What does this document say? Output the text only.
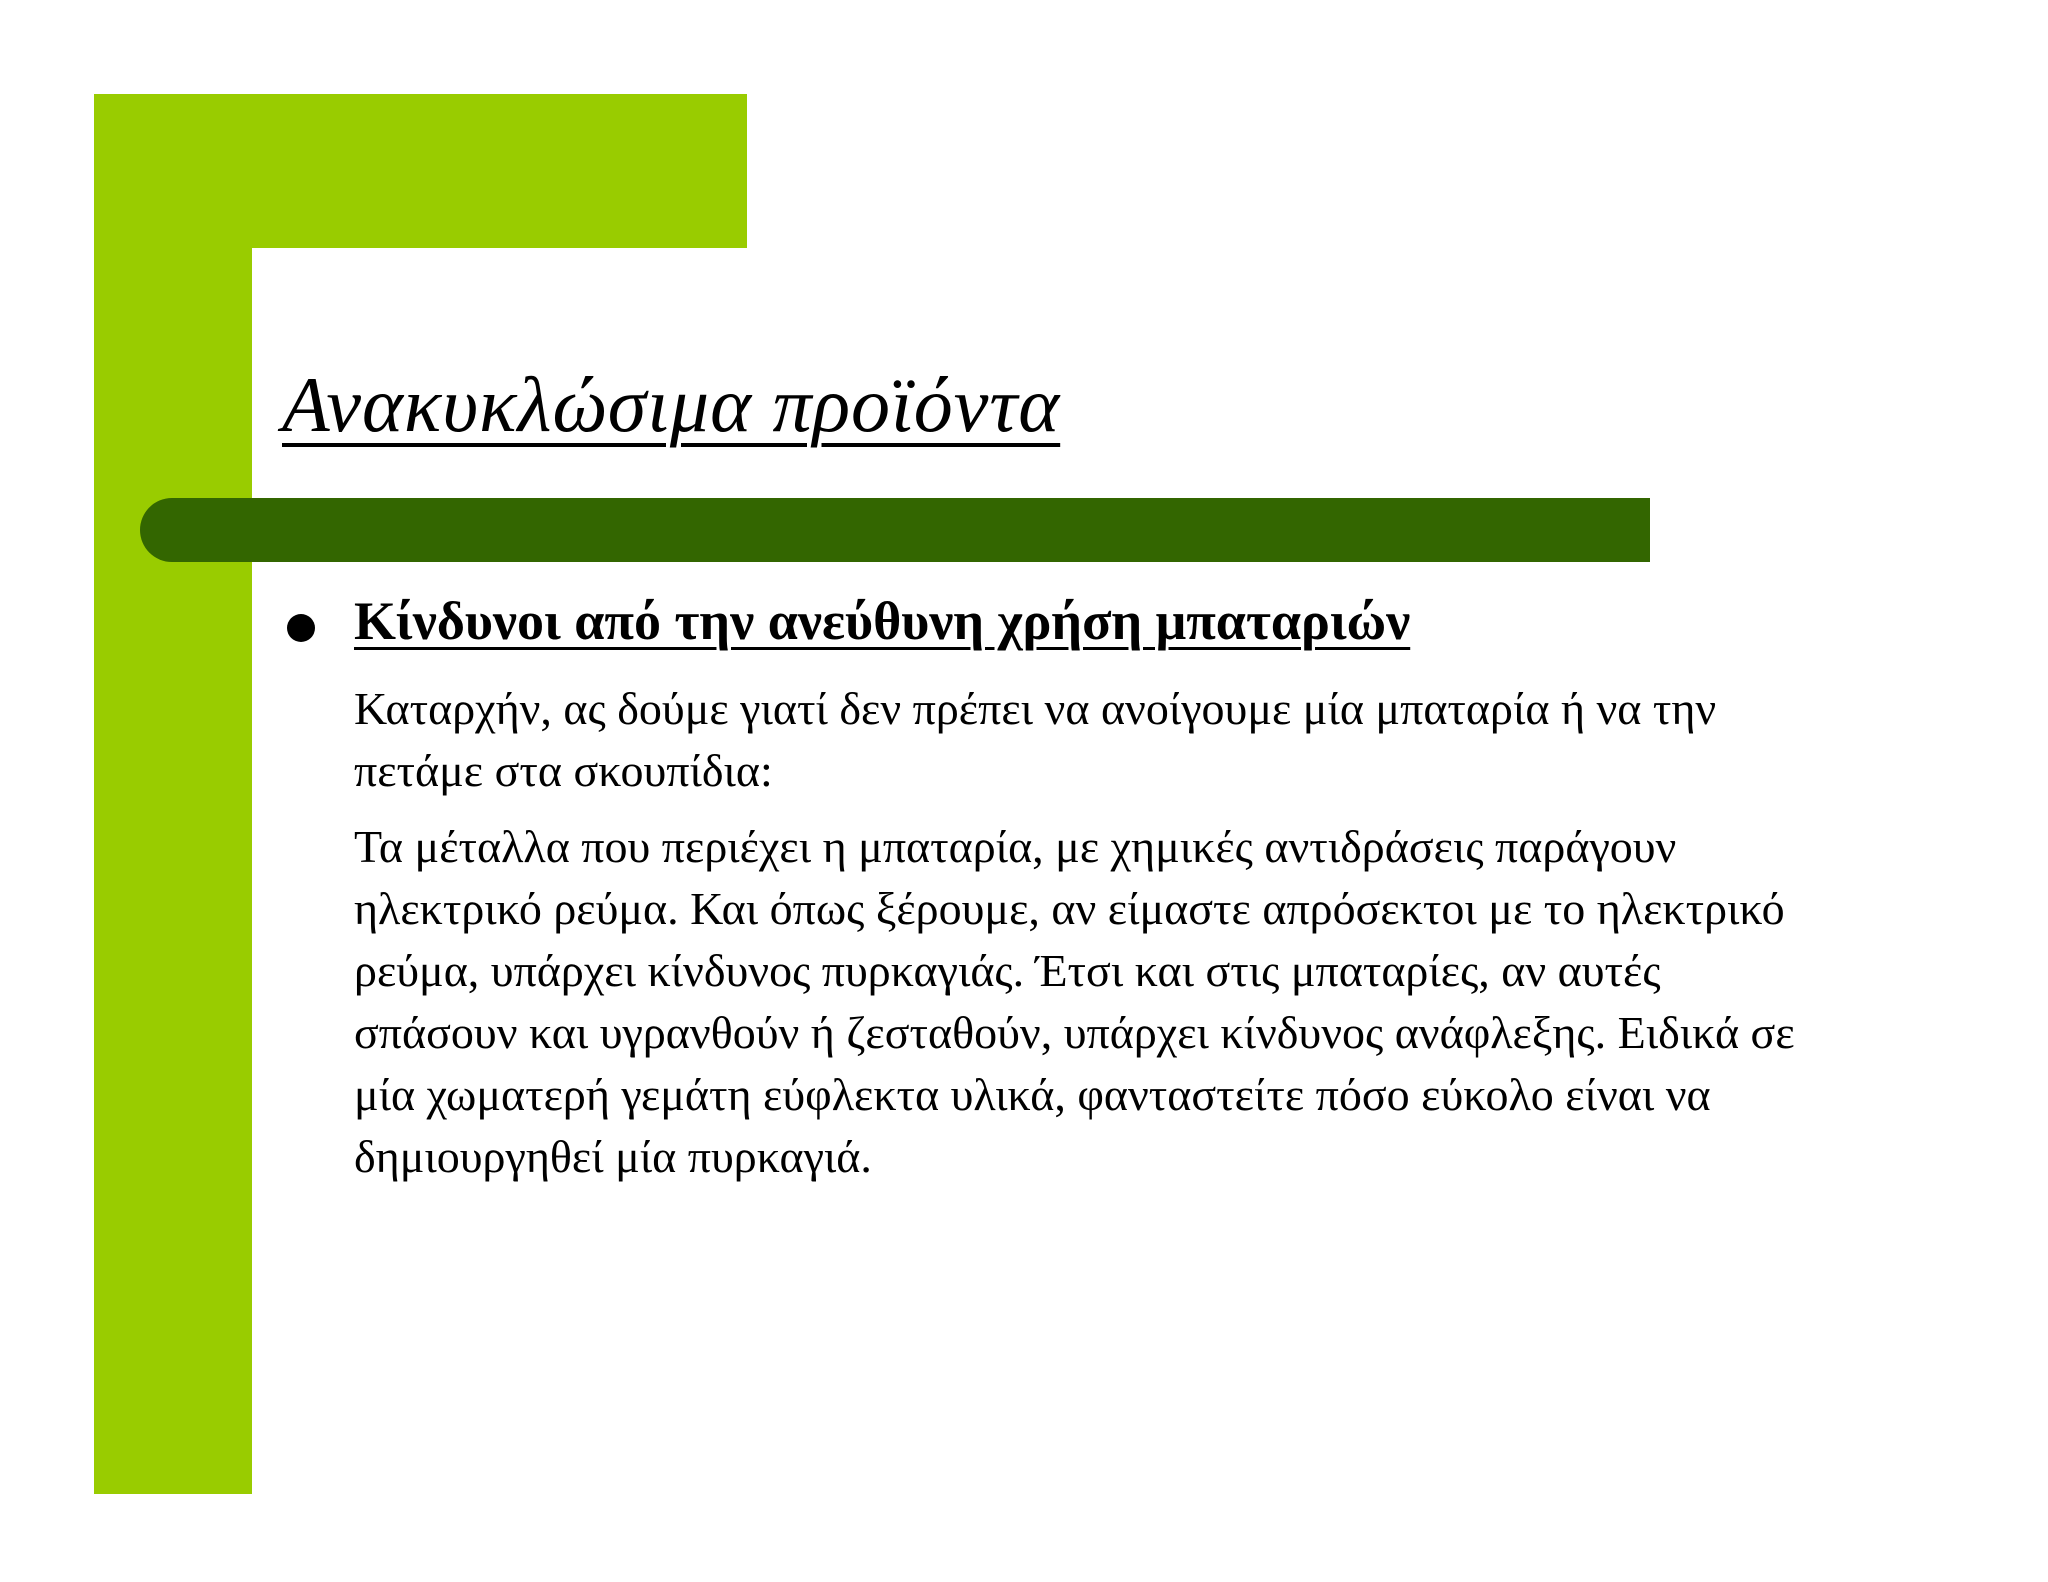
Ανακυκλώσιμα προϊόντα
Κίνδυνοι από την ανεύθυνη χρήση μπαταριών

Καταρχήν, ας δούμε γιατί δεν πρέπει να ανοίγουμε μία μπαταρία ή να την πετάμε στα σκουπίδια:

Τα μέταλλα που περιέχει η μπαταρία, με χημικές αντιδράσεις παράγουν ηλεκτρικό ρεύμα. Και όπως ξέρουμε, αν είμαστε απρόσεκτοι με το ηλεκτρικό ρεύμα, υπάρχει κίνδυνος πυρκαγιάς. Έτσι και στις μπαταρίες, αν αυτές σπάσουν και υγρανθούν ή ζεσταθούν, υπάρχει κίνδυνος ανάφλεξης. Ειδικά σε μία χωματερή γεμάτη εύφλεκτα υλικά, φανταστείτε πόσο εύκολο είναι να δημιουργηθεί μία πυρκαγιά.
